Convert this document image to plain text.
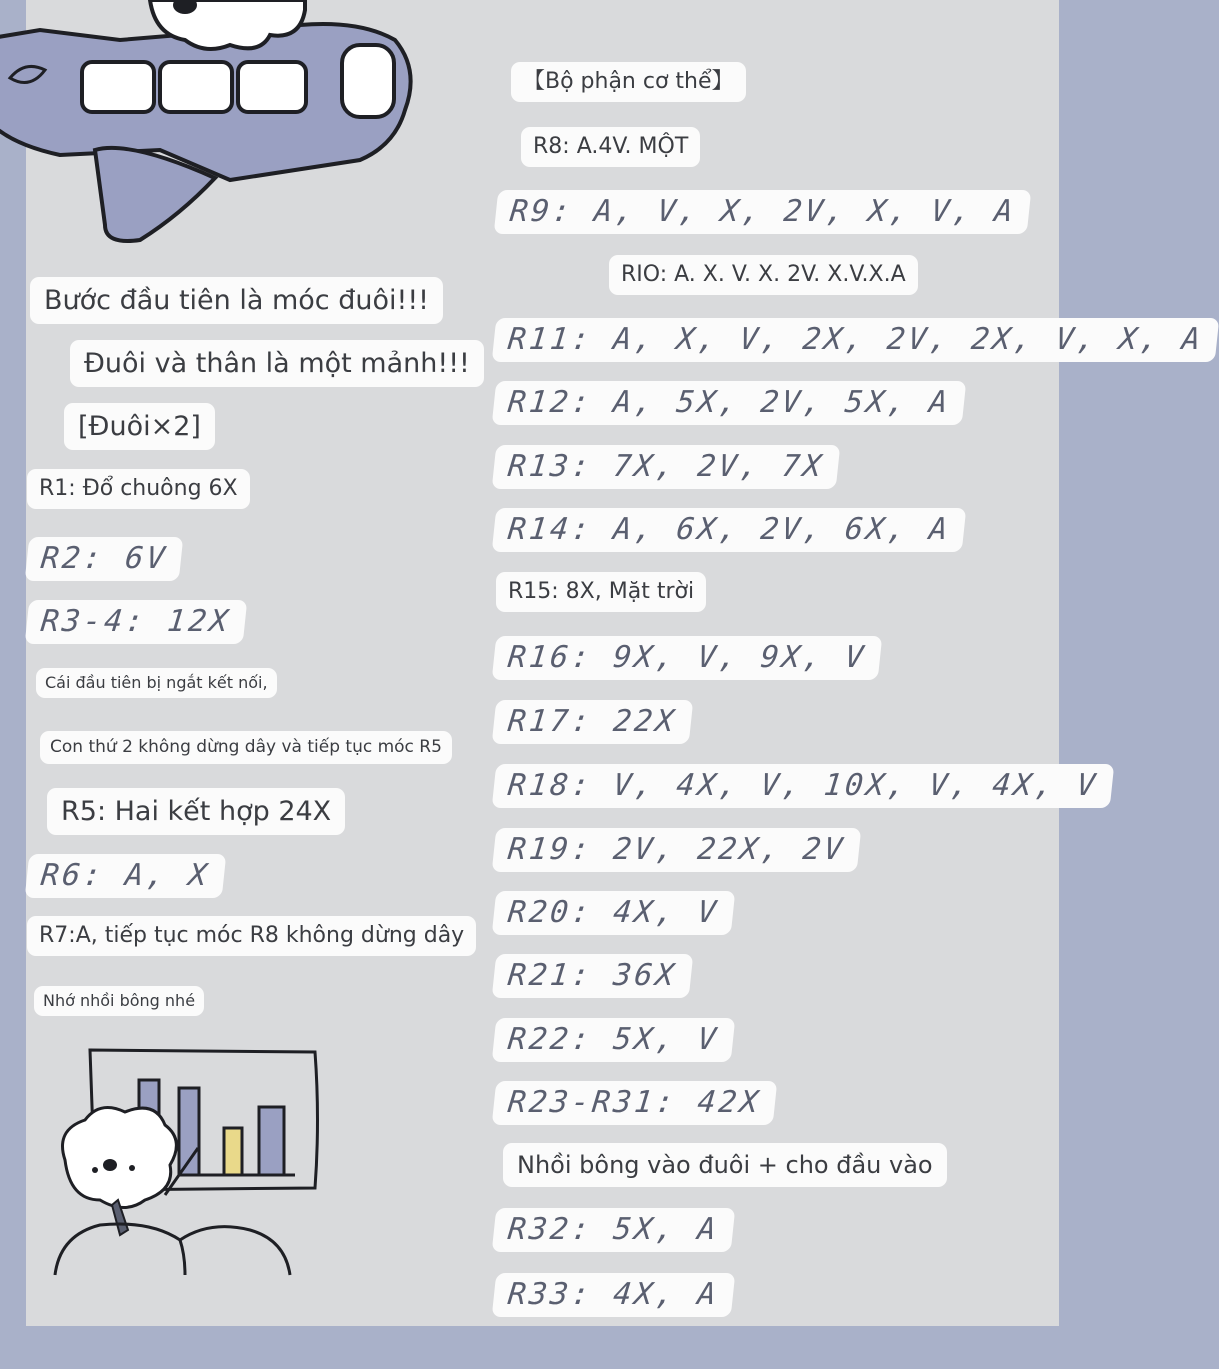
【Bộ phận cơ thể】
R8: A.4V. MỘT
R9: A, V, X, 2V, X, V, A
RIO: A. X. V. X. 2V. X.V.X.A
R11: A, X, V, 2X, 2V, 2X, V, X, A
R12: A, 5X, 2V, 5X, A
R13: 7X, 2V, 7X
R14: A, 6X, 2V, 6X, A
R15: 8X, Mặt trời
R16: 9X, V, 9X, V
R17: 22X
R18: V, 4X, V, 10X, V, 4X, V
R19: 2V, 22X, 2V
R20: 4X, V
R21: 36X
R22: 5X, V
R23-R31: 42X
Nhồi bông vào đuôi + cho đầu vào
R32: 5X, A
R33: 4X, A
Bước đầu tiên là móc đuôi!!!
Đuôi và thân là một mảnh!!!
[Đuôi×2]
R1: Đổ chuông 6X
R2: 6V
R3-4: 12X
Cái đầu tiên bị ngắt kết nối,
Con thứ 2 không dừng dây và tiếp tục móc R5
R5: Hai kết hợp 24X
R6: A, X
R7:A, tiếp tục móc R8 không dừng dây
Nhớ nhồi bông nhé
